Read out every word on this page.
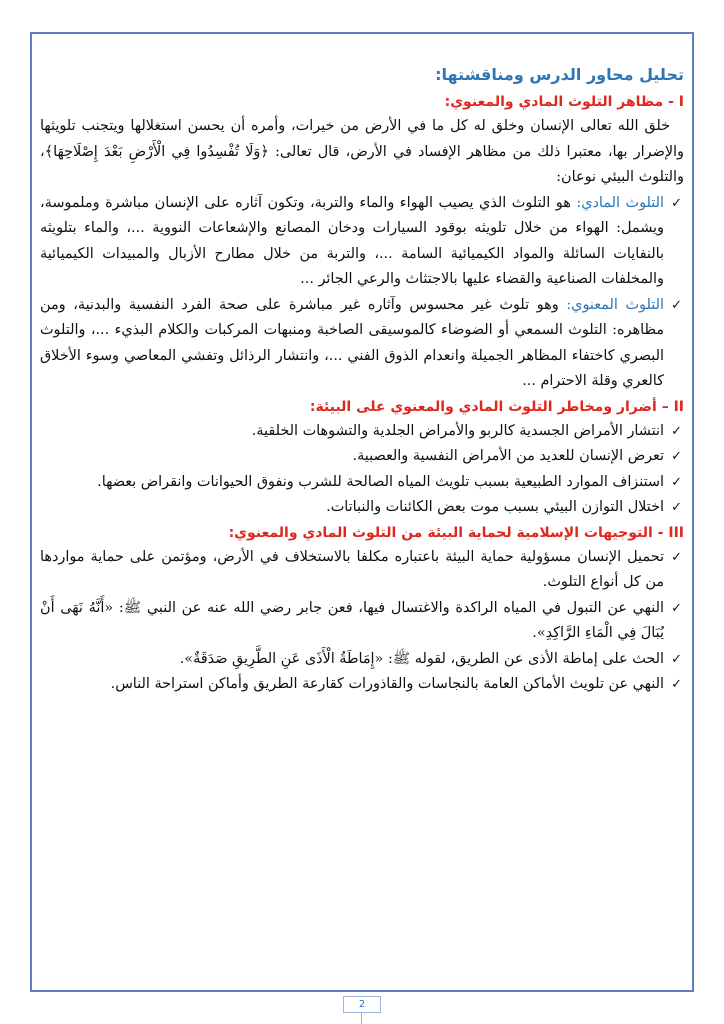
تحليل محاور الدرس ومناقشتها:
I - مظاهر التلوث المادي والمعنوي:

خلق الله تعالى الإنسان وخلق له كل ما في الأرض من خيرات، وأمره أن يحسن استغلالها ويتجنب تلويثها والإضرار بها، معتبرا ذلك من مظاهر الإفساد في الأرض، قال تعالى: ﴿وَلَا تُفْسِدُوا فِي الْأَرْضِ بَعْدَ إِصْلَاحِهَا﴾، والتلوث البيئي نوعان:

✓
التلوث المادي: هو التلوث الذي يصيب الهواء والماء والتربة، وتكون آثاره على الإنسان مباشرة وملموسة، ويشمل: الهواء من خلال تلويثه بوقود السيارات ودخان المصانع والإشعاعات النووية ...، والماء بتلويثه بالنفايات السائلة والمواد الكيميائية السامة ...، والتربة من خلال مطارح الأزبال والمبيدات الكيميائية والمخلفات الصناعية والقضاء عليها بالاجتثاث والرعي الجائر ...
✓
التلوث المعنوي: وهو تلوث غير محسوس وآثاره غير مباشرة على صحة الفرد النفسية والبدنية، ومن مظاهره: التلوث السمعي أو الضوضاء كالموسيقى الصاخبة ومنبهات المركبات والكلام البذيء ...، والتلوث البصري كاختفاء المظاهر الجميلة وانعدام الذوق الفني ...، وانتشار الرذائل وتفشي المعاصي وسوء الأخلاق كالعري وقلة الاحترام ...
II – أضرار ومخاطر التلوث المادي والمعنوي على البيئة:
✓
انتشار الأمراض الجسدية كالربو والأمراض الجلدية والتشوهات الخلقية.
✓
تعرض الإنسان للعديد من الأمراض النفسية والعصبية.
✓
استنزاف الموارد الطبيعية بسبب تلويث المياه الصالحة للشرب ونفوق الحيوانات وانقراض بعضها.
✓
اختلال التوازن البيئي بسبب موت بعض الكائنات والنباتات.
III - التوجيهات الإسلامية لحماية البيئة من التلوث المادي والمعنوي:
✓
تحميل الإنسان مسؤولية حماية البيئة باعتباره مكلفا بالاستخلاف في الأرض، ومؤتمن على حماية مواردها من كل أنواع التلوث.
✓
النهي عن التبول في المياه الراكدة والاغتسال فيها، فعن جابر رضي الله عنه عن النبي ﷺ: «أَنَّهُ نَهَى أَنْ يُبَالَ فِي الْمَاءِ الرَّاكِدِ».
✓
الحث على إماطة الأذى عن الطريق، لقوله ﷺ: «إِمَاطَةُ الْأَذَى عَنِ الطَّرِيقِ صَدَقَةٌ».
✓
النهي عن تلويث الأماكن العامة بالنجاسات والقاذورات كقارعة الطريق وأماكن استراحة الناس.
2
